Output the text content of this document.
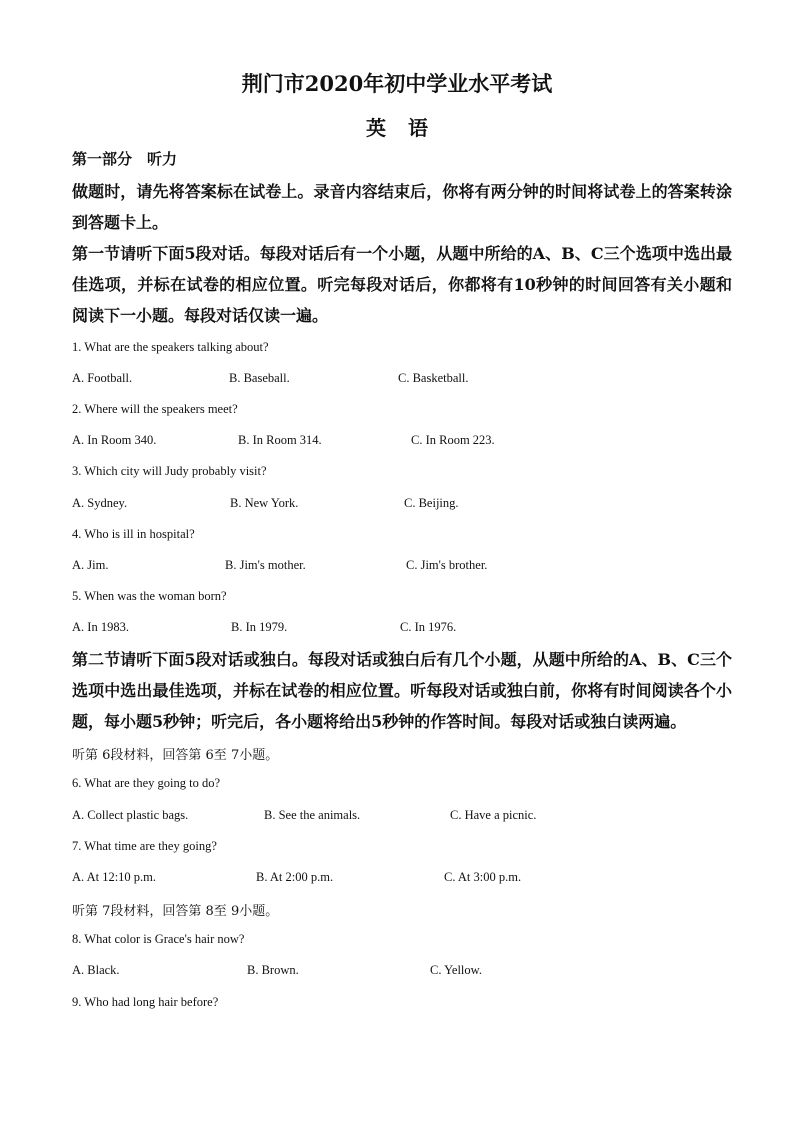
荆门市2020年初中学业水平考试
英语
第一部分　听力
做题时，请先将答案标在试卷上。录音内容结束后，你将有两分钟的时间将试卷上的答案转涂到答题卡上。
第一节请听下面5段对话。每段对话后有一个小题，从题中所给的A、B、C三个选项中选出最佳选项，并标在试卷的相应位置。听完每段对话后，你都将有10秒钟的时间回答有关小题和阅读下一小题。每段对话仅读一遍。
1. What are the speakers talking about?
A. Football.	B. Baseball.	C. Basketball.
2. Where will the speakers meet?
A. In Room 340.	B. In Room 314.	C. In Room 223.
3. Which city will Judy probably visit?
A. Sydney.	B. New York.	C. Beijing.
4. Who is ill in hospital?
A. Jim.	B. Jim's mother.	C. Jim's brother.
5. When was the woman born?
A. In 1983.	B. In 1979.	C. In 1976.
第二节请听下面5段对话或独白。每段对话或独白后有几个小题，从题中所给的A、B、C三个选项中选出最佳选项，并标在试卷的相应位置。听每段对话或独白前，你将有时间阅读各个小题，每小题5秒钟；听完后，各小题将给出5秒钟的作答时间。每段对话或独白读两遍。
听第 6段材料，回答第 6至 7小题。
6. What are they going to do?
A. Collect plastic bags.	B. See the animals.	C. Have a picnic.
7. What time are they going?
A. At 12:10 p.m.	B. At 2:00 p.m.	C. At 3:00 p.m.
听第 7段材料，回答第 8至 9小题。
8. What color is Grace's hair now?
A. Black.	B. Brown.	C. Yellow.
9. Who had long hair before?
